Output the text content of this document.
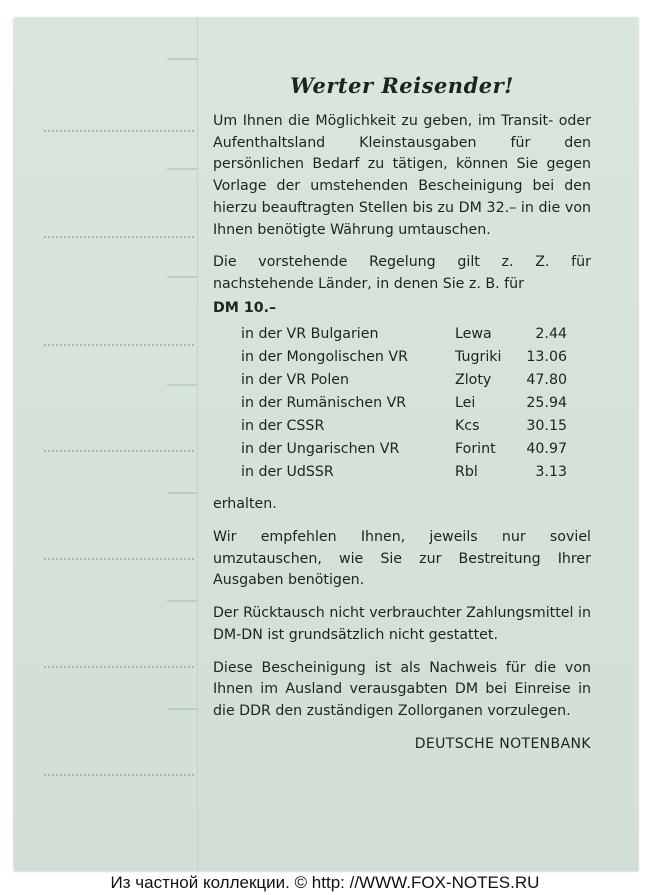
Werter Reisender!

Um Ihnen die Möglichkeit zu geben, im Transit- oder Aufenthaltsland Kleinstausgaben für den persönlichen Bedarf zu tätigen, können Sie gegen Vorlage der umstehenden Bescheinigung bei den hierzu beauftragten Stellen bis zu DM 32.– in die von Ihnen benötigte Währung umtauschen.

Die vorstehende Regelung gilt z. Z. für nachstehende Länder, in denen Sie z. B. für

DM 10.–
in der VR Bulgarien	Lewa	2.44
in der Mongolischen VR	Tugriki	13.06
in der VR Polen	Zloty	47.80
in der Rumänischen VR	Lei	25.94
in der CSSR	Kcs	30.15
in der Ungarischen VR	Forint	40.97
in der UdSSR	Rbl	3.13

erhalten.

Wir empfehlen Ihnen, jeweils nur soviel umzutauschen, wie Sie zur Bestreitung Ihrer Ausgaben benötigen.

Der Rücktausch nicht verbrauchter Zahlungsmittel in DM-DN ist grundsätzlich nicht gestattet.

Diese Bescheinigung ist als Nachweis für die von Ihnen im Ausland verausgabten DM bei Einreise in die DDR den zuständigen Zollorganen vorzulegen.

DEUTSCHE NOTENBANK
Из частной коллекции. © http: //WWW.FOX-NOTES.RU
